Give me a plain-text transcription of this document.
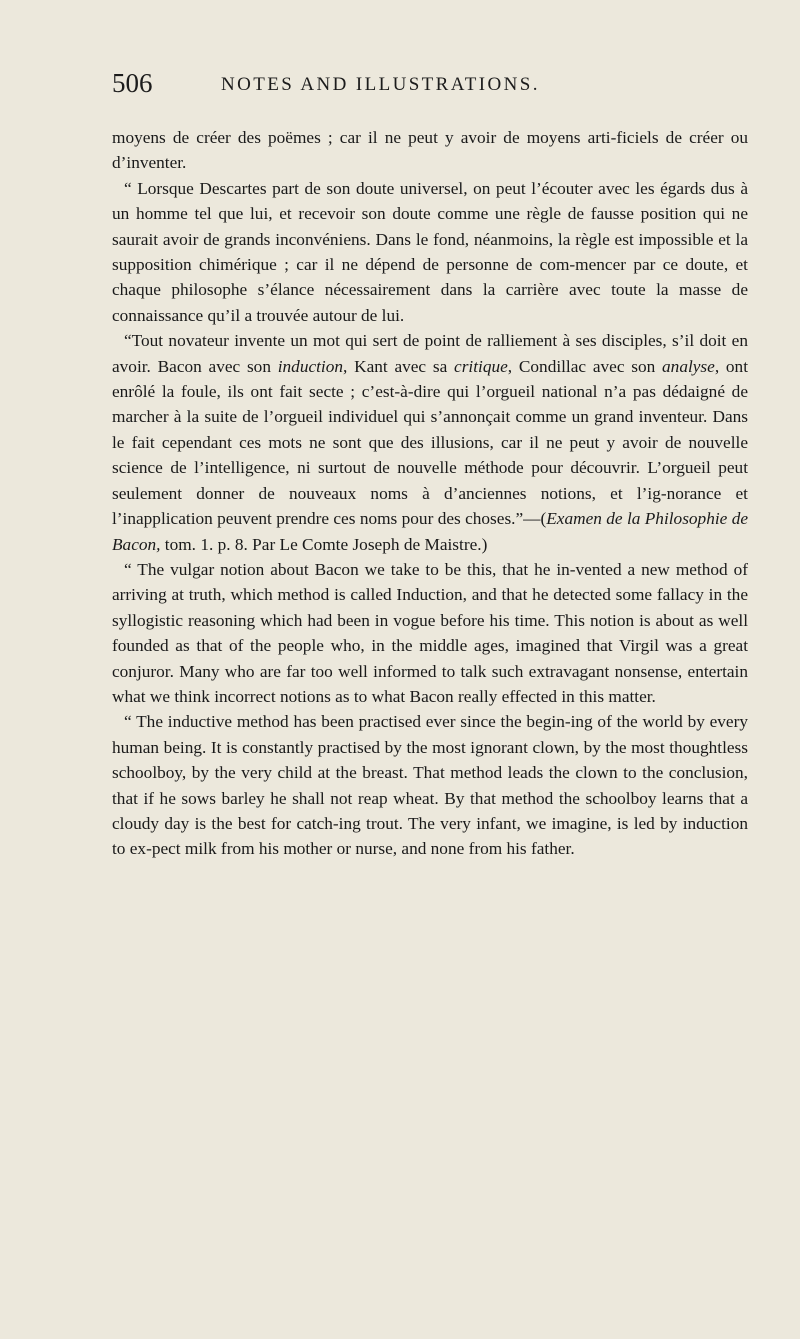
506	NOTES AND ILLUSTRATIONS.

moyens de créer des poëmes ; car il ne peut y avoir de moyens arti-ficiels de créer ou d’inventer.

“ Lorsque Descartes part de son doute universel, on peut l’écouter avec les égards dus à un homme tel que lui, et recevoir son doute comme une règle de fausse position qui ne saurait avoir de grands inconvéniens. Dans le fond, néanmoins, la règle est impossible et la supposition chimérique ; car il ne dépend de personne de com-mencer par ce doute, et chaque philosophe s’élance nécessairement dans la carrière avec toute la masse de connaissance qu’il a trouvée autour de lui.

“Tout novateur invente un mot qui sert de point de ralliement à ses disciples, s’il doit en avoir. Bacon avec son induction, Kant avec sa critique, Condillac avec son analyse, ont enrôlé la foule, ils ont fait secte ; c’est-à-dire qui l’orgueil national n’a pas dédaigné de marcher à la suite de l’orgueil individuel qui s’annonçait comme un grand inventeur. Dans le fait cependant ces mots ne sont que des illusions, car il ne peut y avoir de nouvelle science de l’intelligence, ni surtout de nouvelle méthode pour découvrir. L’orgueil peut seulement donner de nouveaux noms à d’anciennes notions, et l’ig-norance et l’inapplication peuvent prendre ces noms pour des choses.”—(Examen de la Philosophie de Bacon, tom. 1. p. 8. Par Le Comte Joseph de Maistre.)

“ The vulgar notion about Bacon we take to be this, that he in-vented a new method of arriving at truth, which method is called Induction, and that he detected some fallacy in the syllogistic reasoning which had been in vogue before his time. This notion is about as well founded as that of the people who, in the middle ages, imagined that Virgil was a great conjuror. Many who are far too well informed to talk such extravagant nonsense, entertain what we think incorrect notions as to what Bacon really effected in this matter.

“ The inductive method has been practised ever since the begin-ing of the world by every human being. It is constantly practised by the most ignorant clown, by the most thoughtless schoolboy, by the very child at the breast. That method leads the clown to the conclusion, that if he sows barley he shall not reap wheat. By that method the schoolboy learns that a cloudy day is the best for catch-ing trout. The very infant, we imagine, is led by induction to ex-pect milk from his mother or nurse, and none from his father.
